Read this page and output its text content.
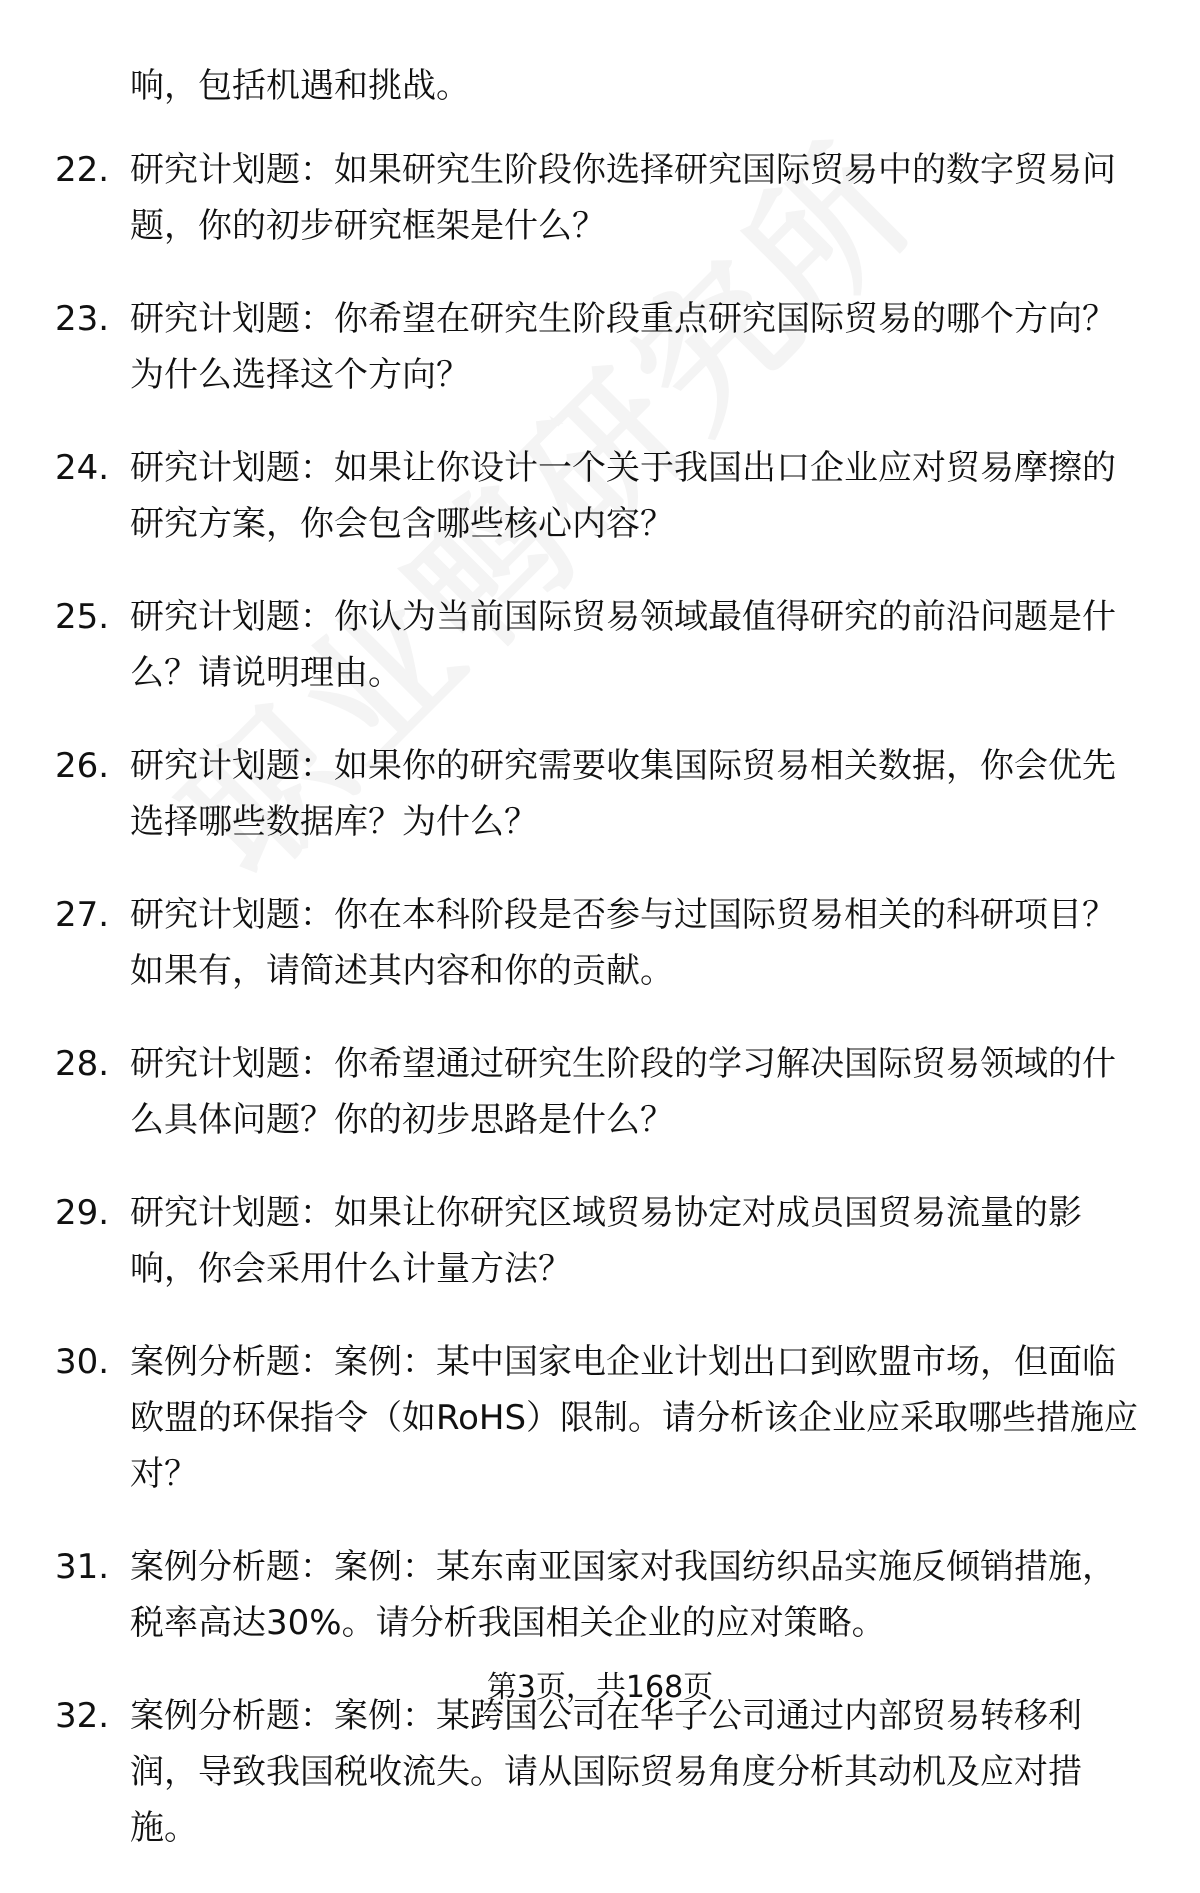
响，包括机遇和挑战。
22. 研究计划题：如果研究生阶段你选择研究国际贸易中的数字贸易问题，你的初步研究框架是什么？
23. 研究计划题：你希望在研究生阶段重点研究国际贸易的哪个方向？为什么选择这个方向？
24. 研究计划题：如果让你设计一个关于我国出口企业应对贸易摩擦的研究方案，你会包含哪些核心内容？
25. 研究计划题：你认为当前国际贸易领域最值得研究的前沿问题是什么？请说明理由。
26. 研究计划题：如果你的研究需要收集国际贸易相关数据，你会优先选择哪些数据库？为什么？
27. 研究计划题：你在本科阶段是否参与过国际贸易相关的科研项目？如果有，请简述其内容和你的贡献。
28. 研究计划题：你希望通过研究生阶段的学习解决国际贸易领域的什么具体问题？你的初步思路是什么？
29. 研究计划题：如果让你研究区域贸易协定对成员国贸易流量的影响，你会采用什么计量方法？
30. 案例分析题：案例：某中国家电企业计划出口到欧盟市场，但面临欧盟的环保指令（如RoHS）限制。请分析该企业应采取哪些措施应对？
31. 案例分析题：案例：某东南亚国家对我国纺织品实施反倾销措施，税率高达30%。请分析我国相关企业的应对策略。
32. 案例分析题：案例：某跨国公司在华子公司通过内部贸易转移利润，导致我国税收流失。请从国际贸易角度分析其动机及应对措施。
第3页，共168页
